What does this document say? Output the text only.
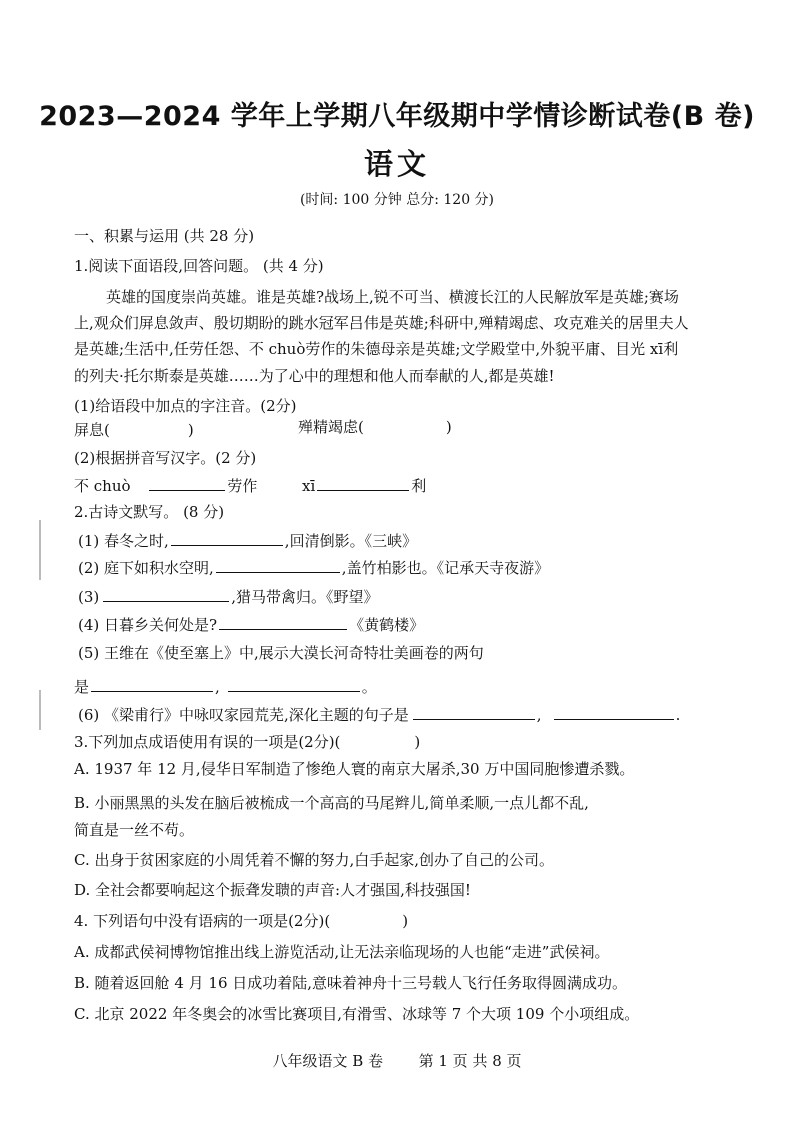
2023—2024 学年上学期八年级期中学情诊断试卷(B 卷)
语文
(时间: 100 分钟 总分: 120 分)
一、积累与运用 (共 28 分)
1.阅读下面语段,回答问题。 (共 4 分)
英雄的国度崇尚英雄。谁是英雄?战场上,锐不可当、横渡长江的人民解放军是英雄;赛场
上,观众们屏息敛声、殷切期盼的跳水冠军吕伟是英雄;科研中,殚精竭虑、攻克难关的居里夫人
是英雄;生活中,任劳任怨、不 chuò劳作的朱德母亲是英雄;文学殿堂中,外貌平庸、目光 xī利
的列夫·托尔斯泰是英雄……为了心中的理想和他人而奉献的人,都是英雄!
(1)给语段中加点的字注音。(2分)
屏息(	)	殚精竭虑(	)
(2)根据拼音写汉字。(2 分)
不 chuò	劳作	xī	利
2.古诗文默写。 (8 分)
(1) 春冬之时,	,回清倒影。《三峡》
(2) 庭下如积水空明,	,盖竹柏影也。《记承天寺夜游》
(3)	,猎马带禽归。《野望》
(4) 日暮乡关何处是?	《黄鹤楼》
(5) 王维在《使至塞上》中,展示大漠长河奇特壮美画卷的两句
是	,	。
(6) 《梁甫行》中咏叹家园荒芜,深化主题的句子是	,	.
3.下列加点成语使用有误的一项是(2分)(	)
A. 1937 年 12 月,侵华日军制造了惨绝人寰的南京大屠杀,30 万中国同胞惨遭杀戮。
B. 小丽黑黑的头发在脑后被梳成一个高高的马尾辫儿,简单柔顺,一点儿都不乱,
简直是一丝不苟。
C. 出身于贫困家庭的小周凭着不懈的努力,白手起家,创办了自己的公司。
D. 全社会都要响起这个振聋发聩的声音:人才强国,科技强国!
4. 下列语句中没有语病的一项是(2分)(	)
A. 成都武侯祠博物馆推出线上游览活动,让无法亲临现场的人也能“走进”武侯祠。
B. 随着返回舱 4 月 16 日成功着陆,意味着神舟十三号载人飞行任务取得圆满成功。
C. 北京 2022 年冬奥会的冰雪比赛项目,有滑雪、冰球等 7 个大项 109 个小项组成。
八年级语文 B 卷 第 1 页 共 8 页
